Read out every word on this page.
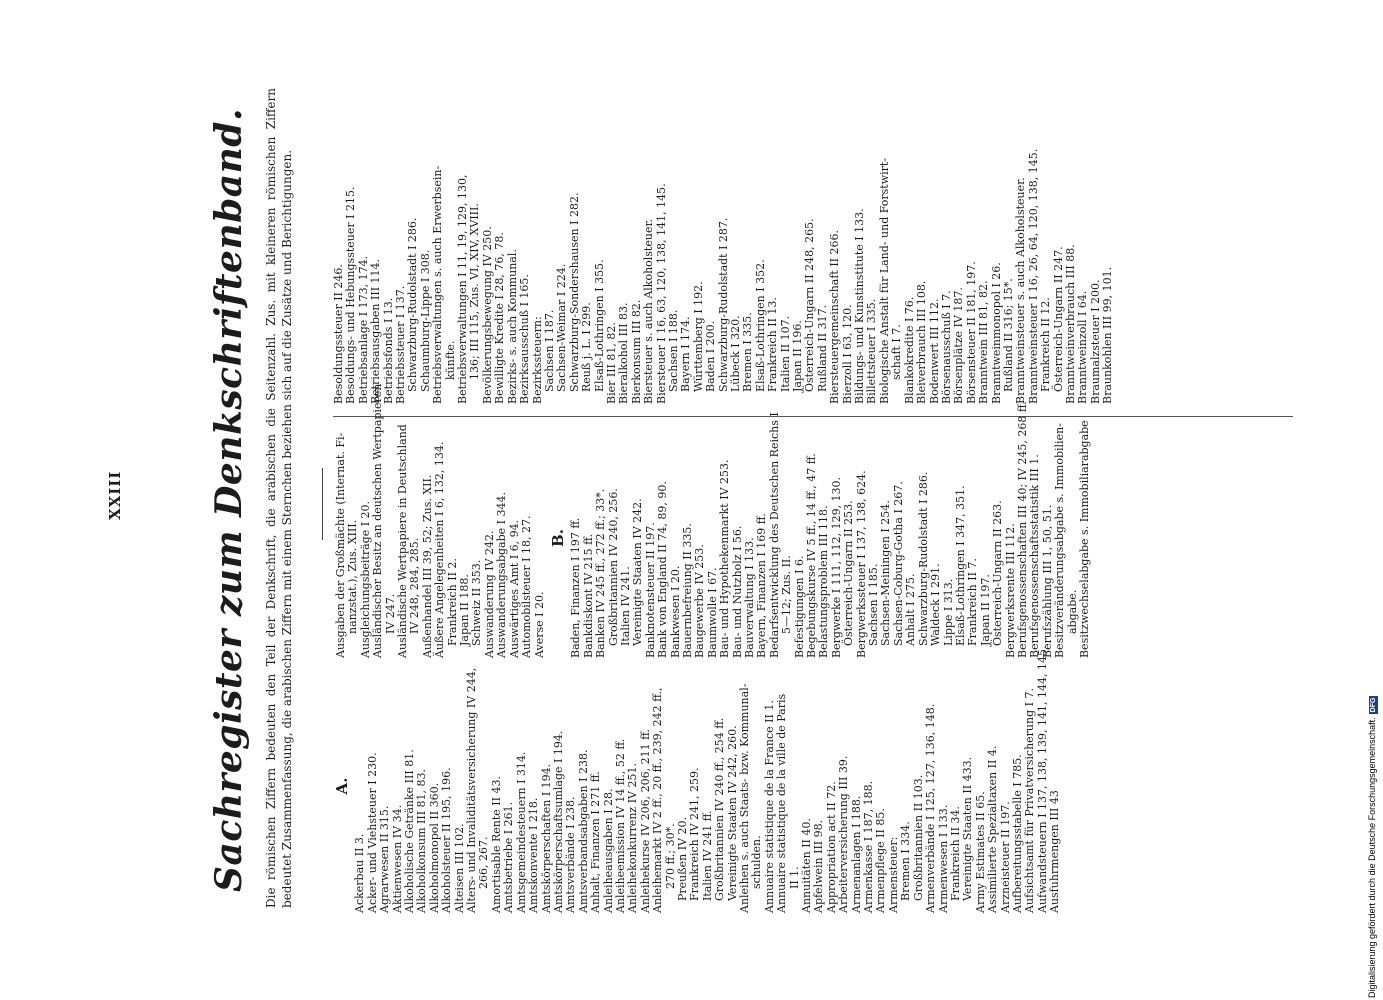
XXIII Sachregister zum Denkschriftenband. Die römischen Ziffern bedeuten den Teil der Denkschrift, die arabischen die Seitenzahl. Zus. mit kleineren römischen Ziffern bedeutet Zusammenfassung, die arabischen Ziffern mit einem Sternchen beziehen sich auf die Zusätze und Berichtigungen.	A.
Ackerbau II 3. Acker- und Viehsteuer I 230. Agrarwesen II 315. Aktienwesen IV 34. Alkoholische Getränke III 81. Alkoholkonsum III 81, 83. Alkoholmonopol II 360. Alkoholsteuer II 195, 196. Alteisen III 102. Alters- und Invaliditätsversicherung IV 244, 266, 267. Amortisable Rente II 43. Amtsbetriebe I 261. Amtsgemeindesteuern I 314. Amtskonvente I 218. Amtskörperschaften I 194. Amtskörperschaftsumlage I 194. Amtsverbände I 238. Amtsverbandsabgaben I 238. Anhalt, Finanzen I 271 ff. Anleiheausgaben I 28. Anleiheemission IV 14 ff., 52 ff. Anleihekonkurrenz IV 251. Anleihekurse IV 206, 206, 211 ff. Anleihemarkt IV 2 ff., 20 ff., 239, 242 ff., 270 ff.; 30*. Preußen IV 20. Frankreich IV 241, 259. Italien IV 241 ff. Großbritannien IV 240 ff., 254 ff. Vereinigte Staaten IV 242, 260. Anleihen s. auch Staats- bzw. Kommunal- schulden. Annuaire statistique de la France II 1. Annuaire statistique de la ville de Paris II 1. Annuitäten II 40. Apfelwein III 98. Appropriation act II 72. Arbeiterversicherung III 39. Armenanlagen I 188. Armenkasse I 187, 188. Armenpflege II 85. Armensteuer: Bremen I 334. Großbritannien II 103. Armenverbände I 125, 127, 136, 148. Armenwesen I 133. Frankreich II 34. Vereinigte Staaten II 433. Army Estimates II 65. Assimilierte Spezialtaxen II 4. Arzneisteuer II 197. Aufbereitungsstabelle I 785. Aufsichtsamt für Privatversicherung I 7. Aufwandsteuern I 137, 138, 139, 141, 144, 145. Ausfuhrmengen III 43
Ausgaben der Großmächte (Internat. Fi- nanzstat.), Zus. XIII. Ausgleichungsbeiträge I 20. Ausländischer Besitz an deutschen Wertpapieren IV 247. Ausländische Wertpapiere in Deutschland IV 248, 284, 285. Außenhandel III 39, 52; Zus. XII. Äußere Angelegenheiten I 6, 132, 134. Frankreich II 2. Japan II 188. Schweiz II 353. Auswanderung IV 242. Auswanderungsabgabe I 344. Auswärtiges Amt I 6, 94. Automobilsteuer I 18, 27. Averse I 20.
B. Baden, Finanzen I 197 ff. Bankdiskont IV 215 ff. Banken IV 245 ff., 272 ff.; 33*. Großbritannien IV 240, 256. Italien IV 241. Vereinigte Staaten IV 242. Banknotensteuer II 197. Bank von England II 74, 89, 90. Bankwesen I 20. Bauernbefreiung II 335. Baugewerbe IV 253. Baumwolle I 67. Bau- und Hypothekenmarkt IV 253. Bau- und Nutzholz I 56. Bauverwaltung I 133. Bayern, Finanzen I 169 ff. Bedarfsentwicklung des Deutschen Reichs I 5—12; Zus. II. Befestigungen I 6. Begebungskurse IV 5 ff., 14 ff., 47 ff. Belastungsproblem III 118. Bergwerke I 111, 112, 129, 130. Österreich-Ungarn II 253. Bergwerkssteuer I 137, 138, 624. Sachsen I 185. Sachsen-Meiningen I 254. Sachsen-Coburg-Gotha I 267. Anhalt I 275. Schwarzburg-Rudolstadt I 286. Waldeck I 291. Lippe I 313. Elsaß-Lothringen I 347, 351. Frankreich II 7. Japan II 197. Österreich-Ungarn II 263. Bergwerksrente III 112. Berufsgenossenschaften III 40; IV 245, 268 ff. Berufsgenossenschaftsstatistik III 1. Berufszählung III 1, 50, 51. Besitzveränderungsabgabe s. Immobilien- abgabe. Besitzwechselabgabe s. Immobiliarabgabe
Besoldungssteuer II 246. Besoldungs- und Hebungssteuer I 215. Betriebsanlage I 173, 174. Betriebsausgaben III 114. Betriebsfonds I 13. Betriebssteuer I 137. Schwarzburg-Rudolstadt I 286. Schaumburg-Lippe I 308. Betriebsverwaltungen s. auch Erwerbsein- künfte. Betriebsverwaltungen I 11, 19, 129, 130, 136; III 115, Zus. VI, XIV, XVIII. Bevölkerungsbewegung IV 250. Bewilligte Kredite I 28, 76, 78. Bezirks- s. auch Kommunal. Bezirksausschuß I 165. Bezirkssteuern: Sachsen I 187. Sachsen-Weimar I 224. Schwarzburg-Sondershausen I 282. Reuß j. L. I 299. Elsaß-Lothringen I 355. Bier III 81, 82. Bieralkohol III 83. Bierkonsum III 82. Biersteuer s. auch Alkoholsteuer. Biersteuer I 16, 63, 120, 138, 141, 145. Sachsen I 188. Bayern I 174. Württemberg I 192. Baden I 200. Schwarzburg-Rudolstadt I 287. Lübeck I 320. Bremen I 335. Elsaß-Lothringen I 352. Frankreich II 13. Italien II 107. Japan II 196. Österreich-Ungarn II 248, 265. Rußland II 317. Biersteuergemeinschaft II 266. Bierzoll I 63, 120. Bildungs- und Kunstinstitute I 133. Billettsteuer I 335. Biologische Anstalt für Land- und Forstwirt- schaft I 7. Blankokredite I 76. Bleiverbrauch III 108. Bodenwert III 112. Börsenausschuß I 7. Börsenplätze IV 187. Börsensteuer II 181, 197. Branntwein III 81, 82. Branntweinmonopol I 26. Rußland II 316; 15*. Branntweinsteuer s. auch Alkoholsteuer. Branntweinsteuer I 16, 26, 64, 120, 138, 145. Frankreich II 12. Österreich-Ungarn II 247. Branntweinverbrauch III 88. Branntweinzoll I 64. Braumalzsteuer I 200. Braunkohlen III 99, 101.
Digitalisierung gefördert durch die Deutsche Forschungsgemeinschaft.DFG
